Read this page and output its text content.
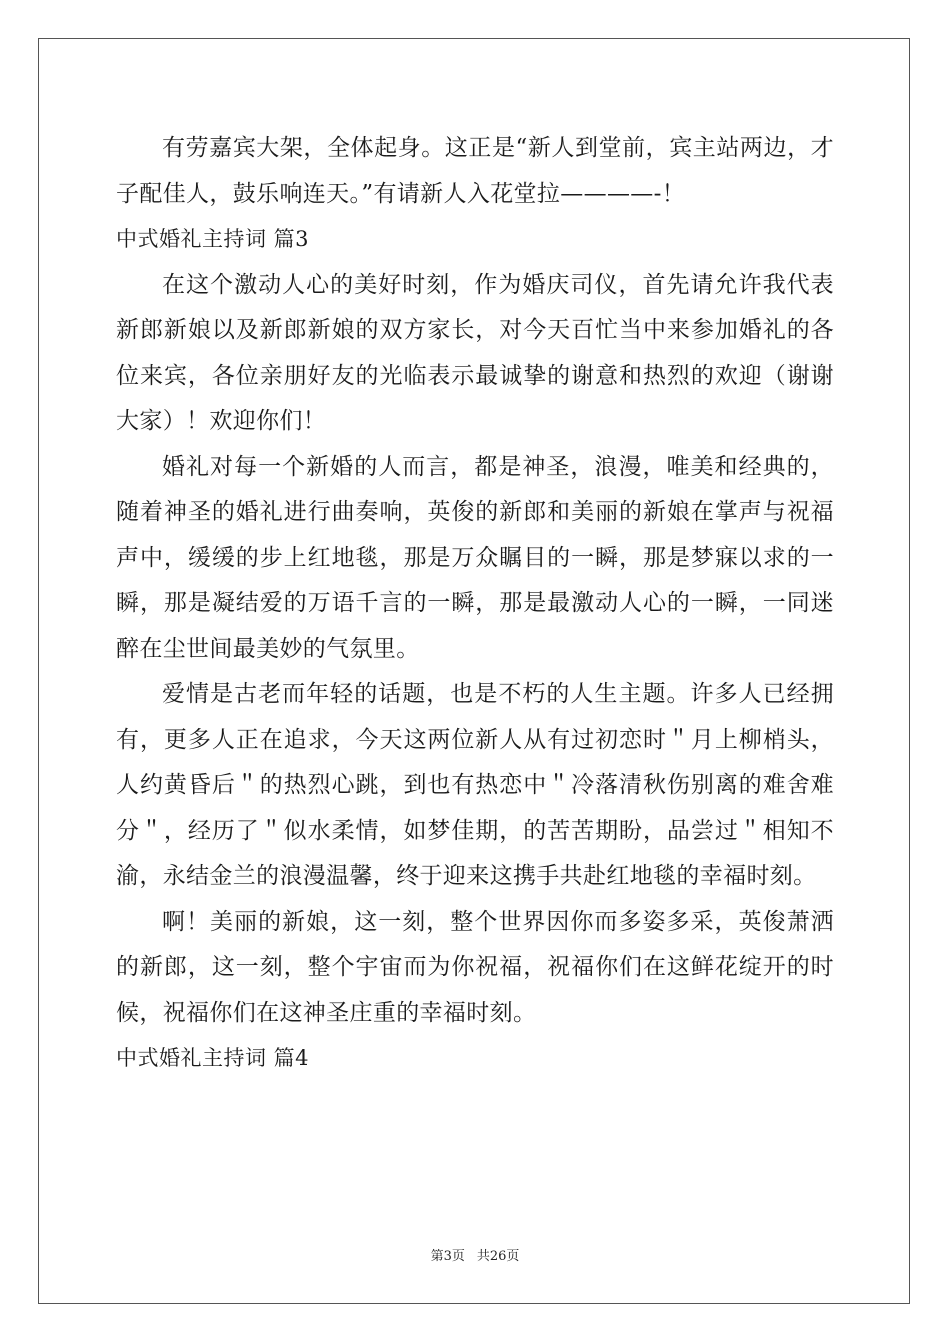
有劳嘉宾大架，全体起身。这正是“新人到堂前，宾主站两边，才子配佳人，鼓乐响连天。”有请新人入花堂拉————-！

中式婚礼主持词 篇3

在这个激动人心的美好时刻，作为婚庆司仪，首先请允许我代表新郎新娘以及新郎新娘的双方家长，对今天百忙当中来参加婚礼的各位来宾，各位亲朋好友的光临表示最诚挚的谢意和热烈的欢迎（谢谢大家）！欢迎你们！

婚礼对每一个新婚的人而言，都是神圣，浪漫，唯美和经典的，随着神圣的婚礼进行曲奏响，英俊的新郎和美丽的新娘在掌声与祝福声中，缓缓的步上红地毯，那是万众瞩目的一瞬，那是梦寐以求的一瞬，那是凝结爱的万语千言的一瞬，那是最激动人心的一瞬，一同迷醉在尘世间最美妙的气氛里。

爱情是古老而年轻的话题，也是不朽的人生主题。许多人已经拥有，更多人正在追求，今天这两位新人从有过初恋时＂月上柳梢头，人约黄昏后＂的热烈心跳，到也有热恋中＂冷落清秋伤别离的难舍难分＂，经历了＂似水柔情，如梦佳期，的苦苦期盼，品尝过＂相知不渝，永结金兰的浪漫温馨，终于迎来这携手共赴红地毯的幸福时刻。

啊！美丽的新娘，这一刻，整个世界因你而多姿多采，英俊萧洒的新郎，这一刻，整个宇宙而为你祝福，祝福你们在这鲜花绽开的时候，祝福你们在这神圣庄重的幸福时刻。

中式婚礼主持词 篇4

第3页 共26页
